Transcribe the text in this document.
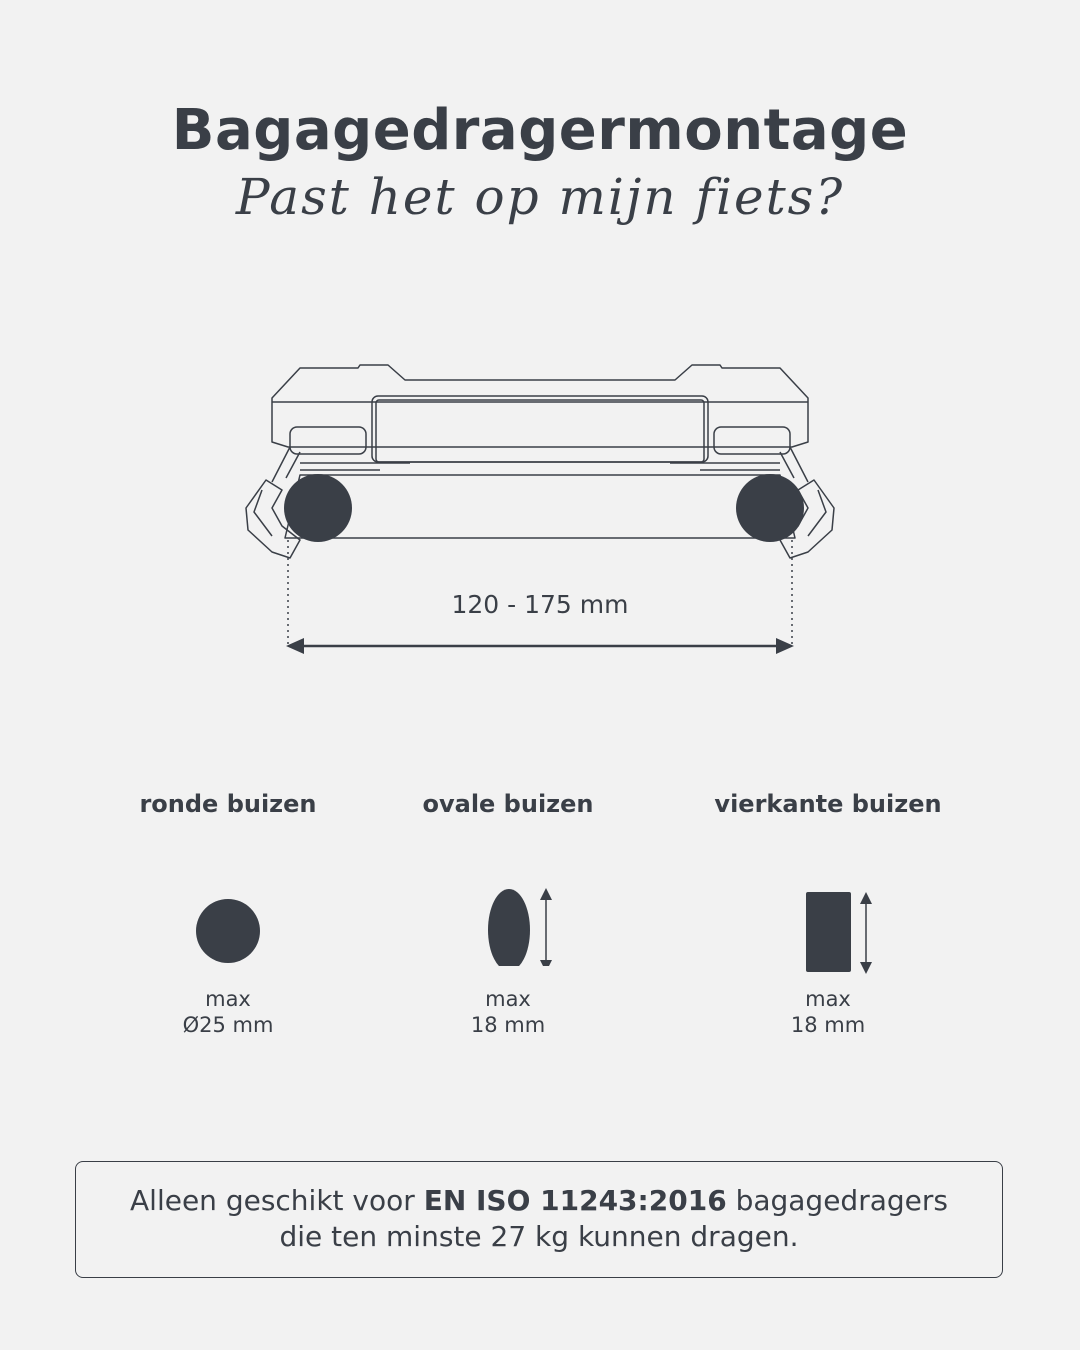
Bagagedragermontage
Past het op mijn fiets?
120 - 175 mm
ronde buizen
max
Ø25 mm
ovale buizen
max
18 mm
vierkante buizen
max
18 mm
Alleen geschikt voor EN ISO 11243:2016 bagagedragers
die ten minste 27 kg kunnen dragen.
